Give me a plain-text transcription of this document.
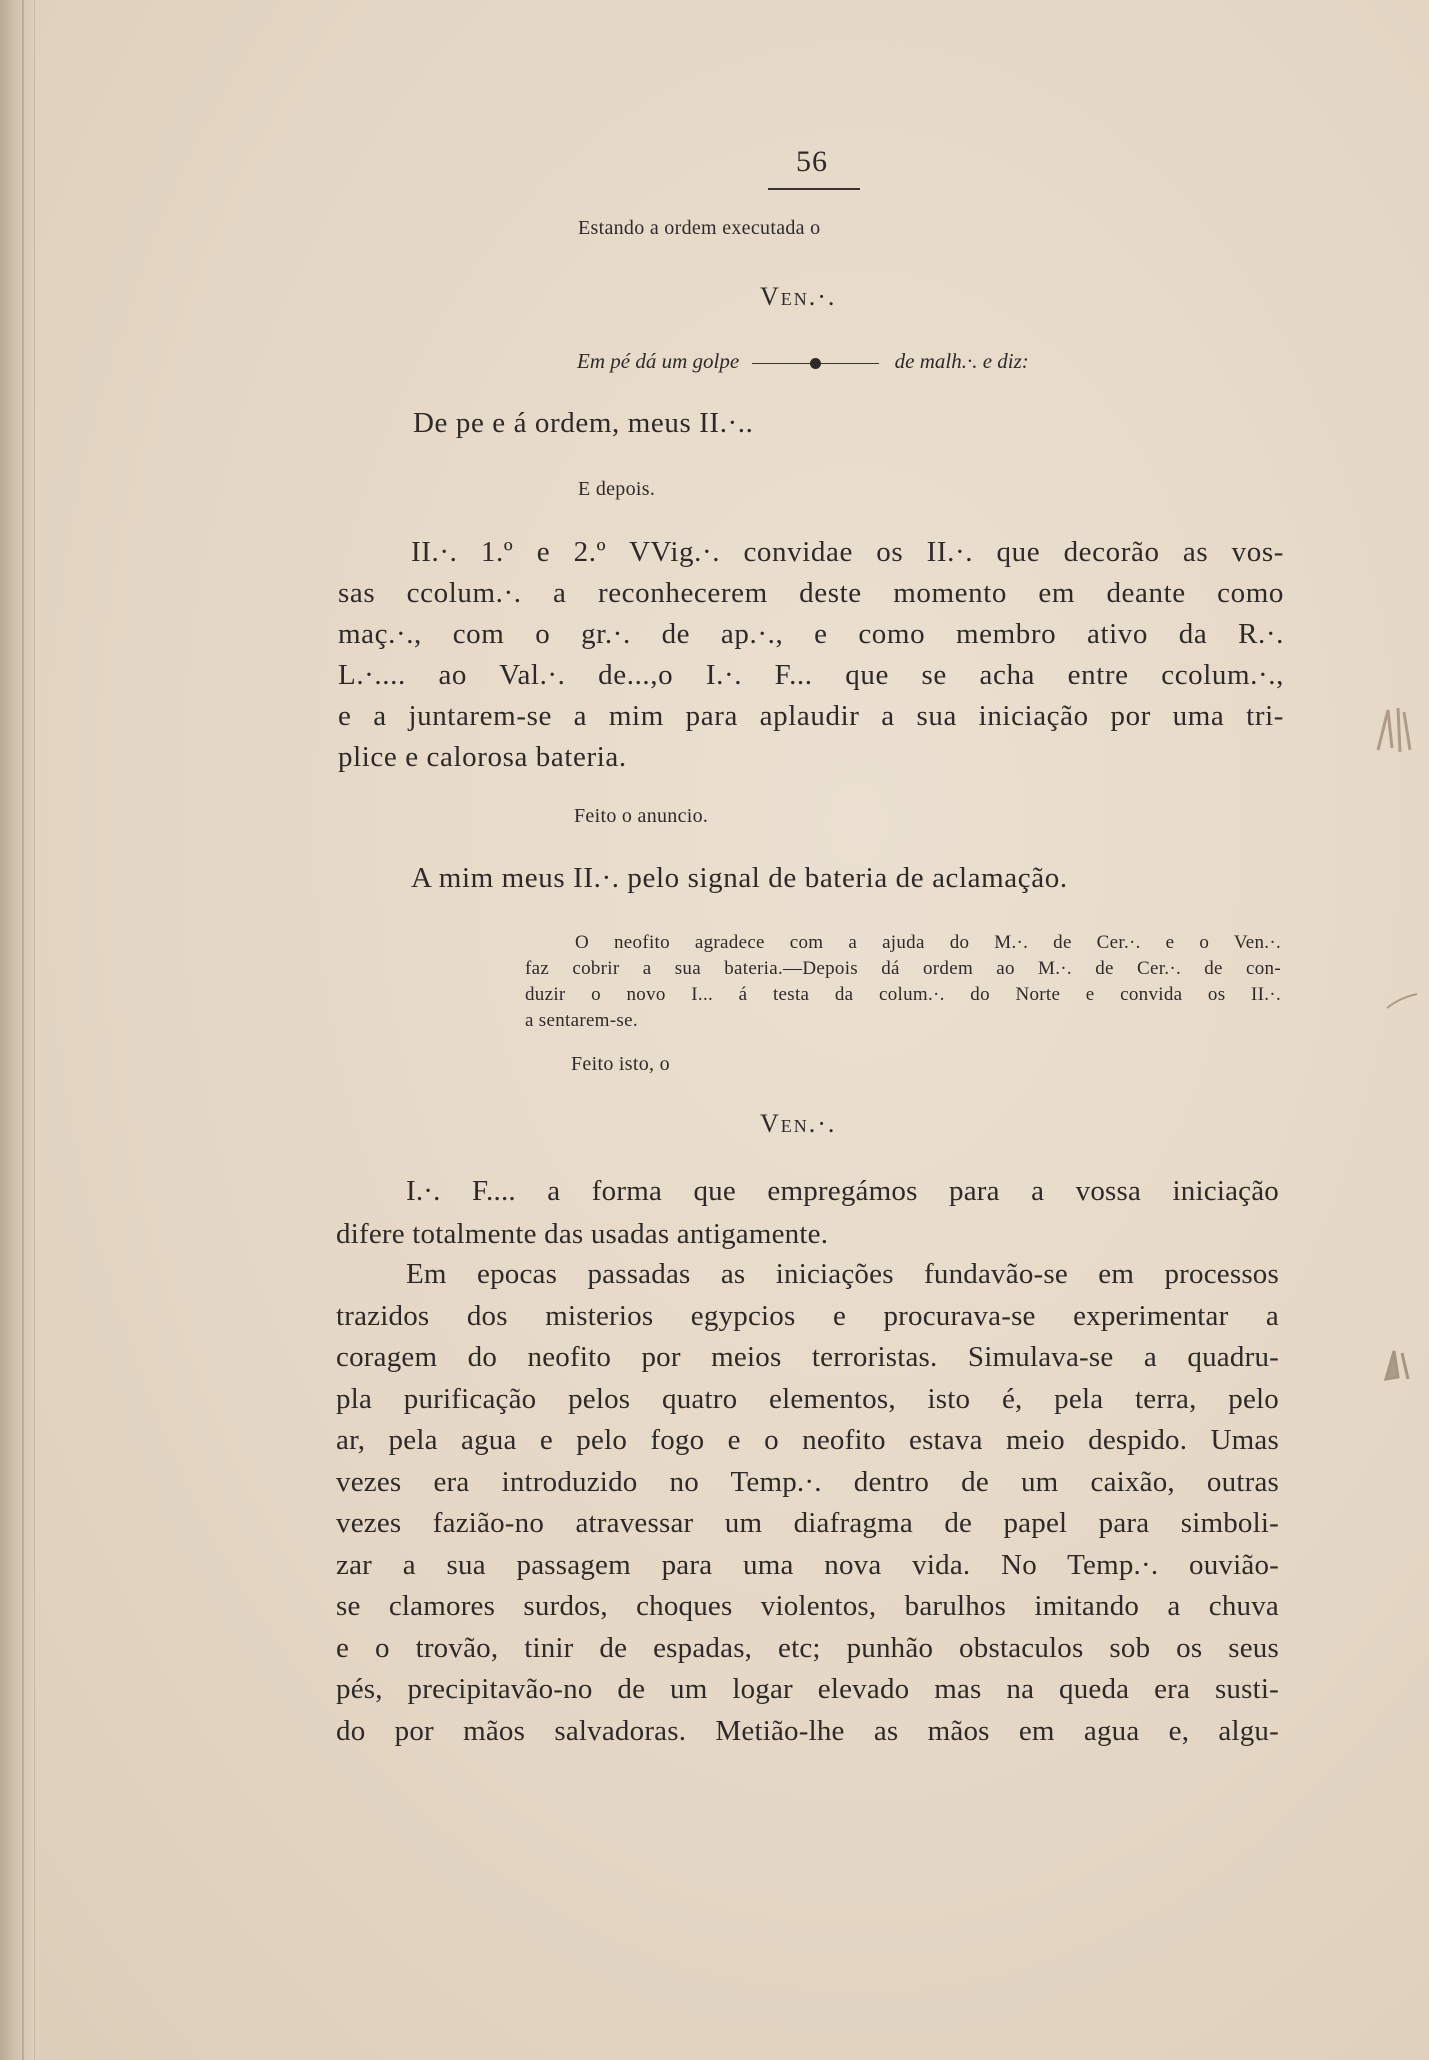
56
Estando a ordem executada o
Ven.·.
Em pé dá um golpe	de malh.·. e diz:
De pe e á ordem, meus II.·..
E depois.
II.·. 1.º e 2.º VVig.·. convidae os II.·. que decorão as vos-
sas ccolum.·. a reconhecerem deste momento em deante como
maç.·., com o gr.·. de ap.·., e como membro ativo da R.·.
L.·.... ao Val.·. de...,o I.·. F... que se acha entre ccolum.·.,
e a juntarem-se a mim para aplaudir a sua iniciação por uma tri-
plice e calorosa bateria.
Feito o anuncio.
A mim meus II.·. pelo signal de bateria de aclamação.
O neofito agradece com a ajuda do M.·. de Cer.·. e o Ven.·.
faz cobrir a sua bateria.—Depois dá ordem ao M.·. de Cer.·. de con-
duzir o novo I... á testa da colum.·. do Norte e convida os II.·.
a sentarem-se.
Feito isto, o
Ven.·.
I.·. F.... a forma que empregámos para a vossa iniciação
difere totalmente das usadas antigamente.
Em epocas passadas as iniciações fundavão-se em processos
trazidos dos misterios egypcios e procurava-se experimentar a
coragem do neofito por meios terroristas. Simulava-se a quadru-
pla purificação pelos quatro elementos, isto é, pela terra, pelo
ar, pela agua e pelo fogo e o neofito estava meio despido. Umas
vezes era introduzido no Temp.·. dentro de um caixão, outras
vezes fazião-no atravessar um diafragma de papel para simboli-
zar a sua passagem para uma nova vida. No Temp.·. ouvião-
se clamores surdos, choques violentos, barulhos imitando a chuva
e o trovão, tinir de espadas, etc; punhão obstaculos sob os seus
pés, precipitavão-no de um logar elevado mas na queda era susti-
do por mãos salvadoras. Metião-lhe as mãos em agua e, algu-
